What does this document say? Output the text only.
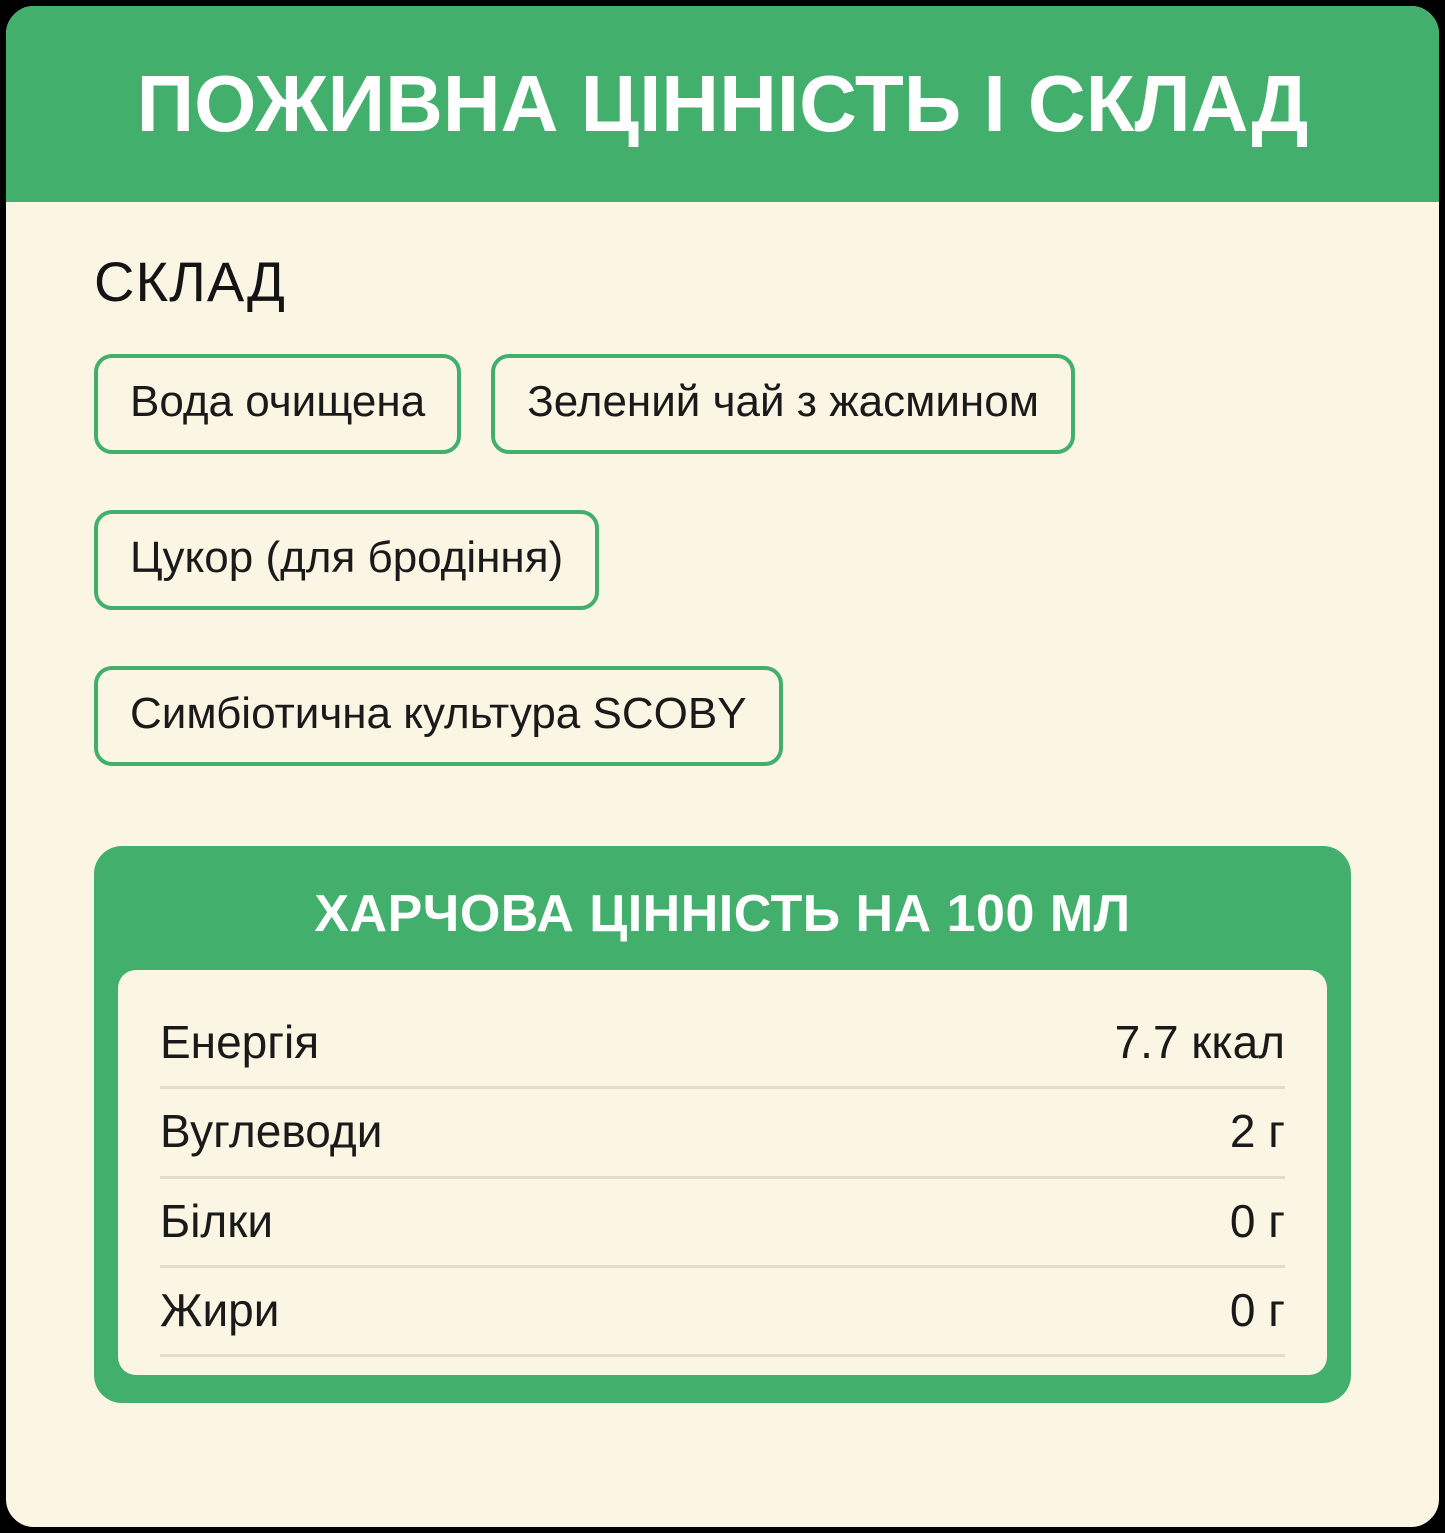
ПОЖИВНА ЦІННІСТЬ І СКЛАД
СКЛАД
Вода очищена	Зелений чай з жасмином
Цукор (для бродіння)
Симбіотична культура SCOBY
ХАРЧОВА ЦІННІСТЬ НА 100 МЛ
Енергія	7.7 ккал
Вуглеводи	2 г
Білки	0 г
Жири	0 г
